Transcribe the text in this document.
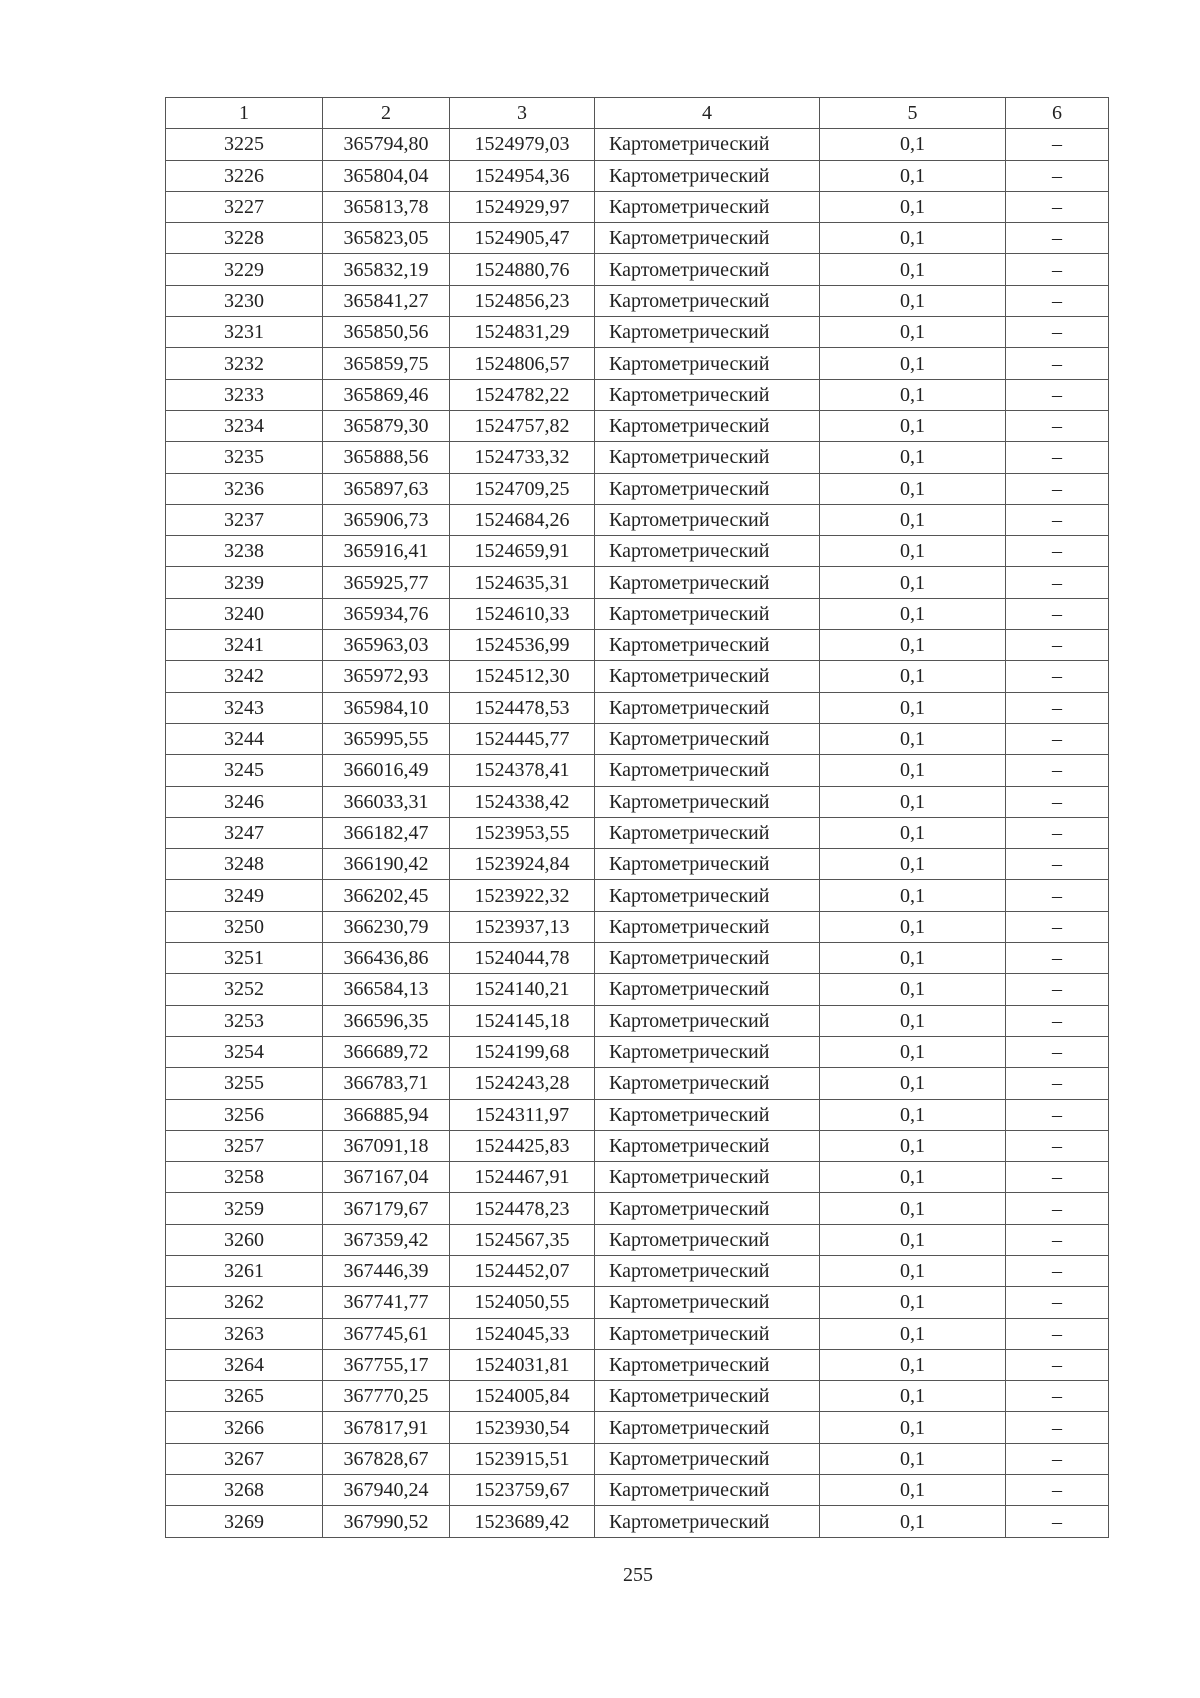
1	2	3	4	5	6
3225	365794,80	1524979,03	Картометрический	0,1	–
3226	365804,04	1524954,36	Картометрический	0,1	–
3227	365813,78	1524929,97	Картометрический	0,1	–
3228	365823,05	1524905,47	Картометрический	0,1	–
3229	365832,19	1524880,76	Картометрический	0,1	–
3230	365841,27	1524856,23	Картометрический	0,1	–
3231	365850,56	1524831,29	Картометрический	0,1	–
3232	365859,75	1524806,57	Картометрический	0,1	–
3233	365869,46	1524782,22	Картометрический	0,1	–
3234	365879,30	1524757,82	Картометрический	0,1	–
3235	365888,56	1524733,32	Картометрический	0,1	–
3236	365897,63	1524709,25	Картометрический	0,1	–
3237	365906,73	1524684,26	Картометрический	0,1	–
3238	365916,41	1524659,91	Картометрический	0,1	–
3239	365925,77	1524635,31	Картометрический	0,1	–
3240	365934,76	1524610,33	Картометрический	0,1	–
3241	365963,03	1524536,99	Картометрический	0,1	–
3242	365972,93	1524512,30	Картометрический	0,1	–
3243	365984,10	1524478,53	Картометрический	0,1	–
3244	365995,55	1524445,77	Картометрический	0,1	–
3245	366016,49	1524378,41	Картометрический	0,1	–
3246	366033,31	1524338,42	Картометрический	0,1	–
3247	366182,47	1523953,55	Картометрический	0,1	–
3248	366190,42	1523924,84	Картометрический	0,1	–
3249	366202,45	1523922,32	Картометрический	0,1	–
3250	366230,79	1523937,13	Картометрический	0,1	–
3251	366436,86	1524044,78	Картометрический	0,1	–
3252	366584,13	1524140,21	Картометрический	0,1	–
3253	366596,35	1524145,18	Картометрический	0,1	–
3254	366689,72	1524199,68	Картометрический	0,1	–
3255	366783,71	1524243,28	Картометрический	0,1	–
3256	366885,94	1524311,97	Картометрический	0,1	–
3257	367091,18	1524425,83	Картометрический	0,1	–
3258	367167,04	1524467,91	Картометрический	0,1	–
3259	367179,67	1524478,23	Картометрический	0,1	–
3260	367359,42	1524567,35	Картометрический	0,1	–
3261	367446,39	1524452,07	Картометрический	0,1	–
3262	367741,77	1524050,55	Картометрический	0,1	–
3263	367745,61	1524045,33	Картометрический	0,1	–
3264	367755,17	1524031,81	Картометрический	0,1	–
3265	367770,25	1524005,84	Картометрический	0,1	–
3266	367817,91	1523930,54	Картометрический	0,1	–
3267	367828,67	1523915,51	Картометрический	0,1	–
3268	367940,24	1523759,67	Картометрический	0,1	–
3269	367990,52	1523689,42	Картометрический	0,1	–
255
